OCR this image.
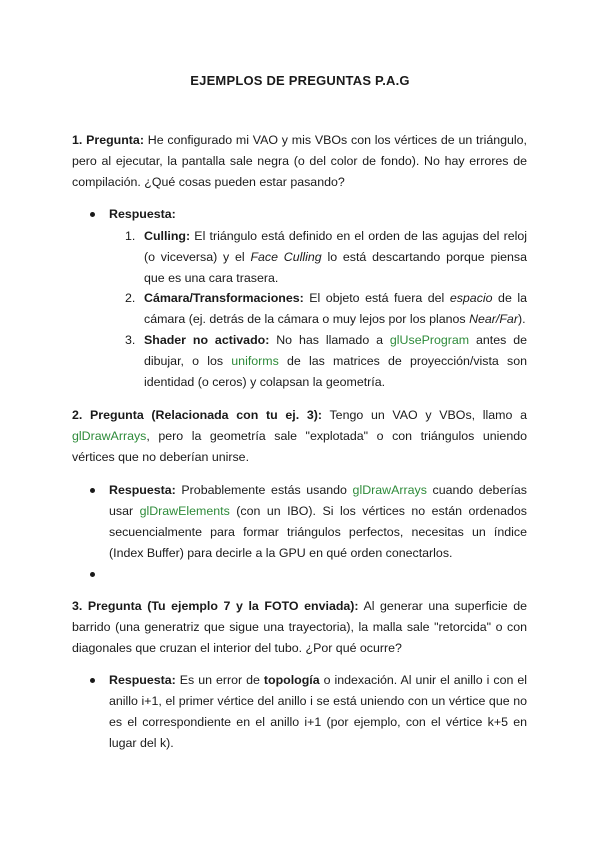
EJEMPLOS DE PREGUNTAS P.A.G
1. Pregunta: He configurado mi VAO y mis VBOs con los vértices de un triángulo, pero al ejecutar, la pantalla sale negra (o del color de fondo). No hay errores de compilación. ¿Qué cosas pueden estar pasando?
Respuesta:
1. Culling: El triángulo está definido en el orden de las agujas del reloj (o viceversa) y el Face Culling lo está descartando porque piensa que es una cara trasera.
2. Cámara/Transformaciones: El objeto está fuera del espacio de la cámara (ej. detrás de la cámara o muy lejos por los planos Near/Far).
3. Shader no activado: No has llamado a glUseProgram antes de dibujar, o los uniforms de las matrices de proyección/vista son identidad (o ceros) y colapsan la geometría.
2. Pregunta (Relacionada con tu ej. 3): Tengo un VAO y VBOs, llamo a glDrawArrays, pero la geometría sale "explotada" o con triángulos uniendo vértices que no deberían unirse.
Respuesta: Probablemente estás usando glDrawArrays cuando deberías usar glDrawElements (con un IBO). Si los vértices no están ordenados secuencialmente para formar triángulos perfectos, necesitas un índice (Index Buffer) para decirle a la GPU en qué orden conectarlos.
3. Pregunta (Tu ejemplo 7 y la FOTO enviada): Al generar una superficie de barrido (una generatriz que sigue una trayectoria), la malla sale "retorcida" o con diagonales que cruzan el interior del tubo. ¿Por qué ocurre?
Respuesta: Es un error de topología o indexación. Al unir el anillo i con el anillo i+1, el primer vértice del anillo i se está uniendo con un vértice que no es el correspondiente en el anillo i+1 (por ejemplo, con el vértice k+5 en lugar del k).
